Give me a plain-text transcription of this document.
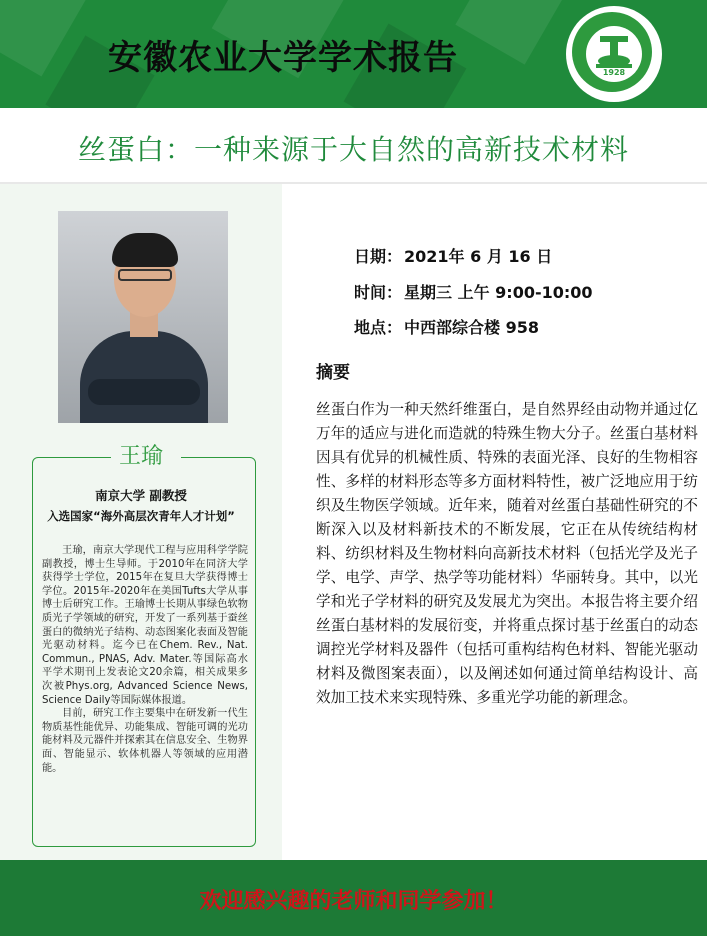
安徽农业大学学术报告	1928
丝蛋白：一种来源于大自然的高新技术材料
王瑜
南京大学 副教授
入选国家“海外高层次青年人才计划”

王瑜，南京大学现代工程与应用科学学院副教授，博士生导师。于2010年在同济大学获得学士学位，2015年在复旦大学获得博士学位。2015年-2020年在美国Tufts大学从事博士后研究工作。王瑜博士长期从事绿色软物质光子学领域的研究，开发了一系列基于蚕丝蛋白的微纳光子结构、动态图案化表面及智能光驱动材料。迄今已在Chem. Rev., Nat. Commun., PNAS, Adv. Mater.等国际高水平学术期刊上发表论文20余篇，相关成果多次被Phys.org, Advanced Science News, Science Daily等国际媒体报道。

目前，研究工作主要集中在研发新一代生物质基性能优异、功能集成、智能可调的光功能材料及元器件并探索其在信息安全、生物界面、智能显示、软体机器人等领域的应用潜能。

日期： 2021年 6 月 16 日
时间： 星期三 上午 9:00-10:00
地点： 中西部综合楼 958
摘要
丝蛋白作为一种天然纤维蛋白，是自然界经由动物并通过亿万年的适应与进化而造就的特殊生物大分子。丝蛋白基材料因具有优异的机械性质、特殊的表面光泽、良好的生物相容性、多样的材料形态等多方面材料特性，被广泛地应用于纺织及生物医学领域。近年来，随着对丝蛋白基础性研究的不断深入以及材料新技术的不断发展，它正在从传统结构材料、纺织材料及生物材料向高新技术材料（包括光学及光子学、电学、声学、热学等功能材料）华丽转身。其中，以光学和光子学材料的研究及发展尤为突出。本报告将主要介绍丝蛋白基材料的发展衍变，并将重点探讨基于丝蛋白的动态调控光学材料及器件（包括可重构结构色材料、智能光驱动材料及微图案表面），以及阐述如何通过简单结构设计、高效加工技术来实现特殊、多重光学功能的新理念。
欢迎感兴趣的老师和同学参加！
